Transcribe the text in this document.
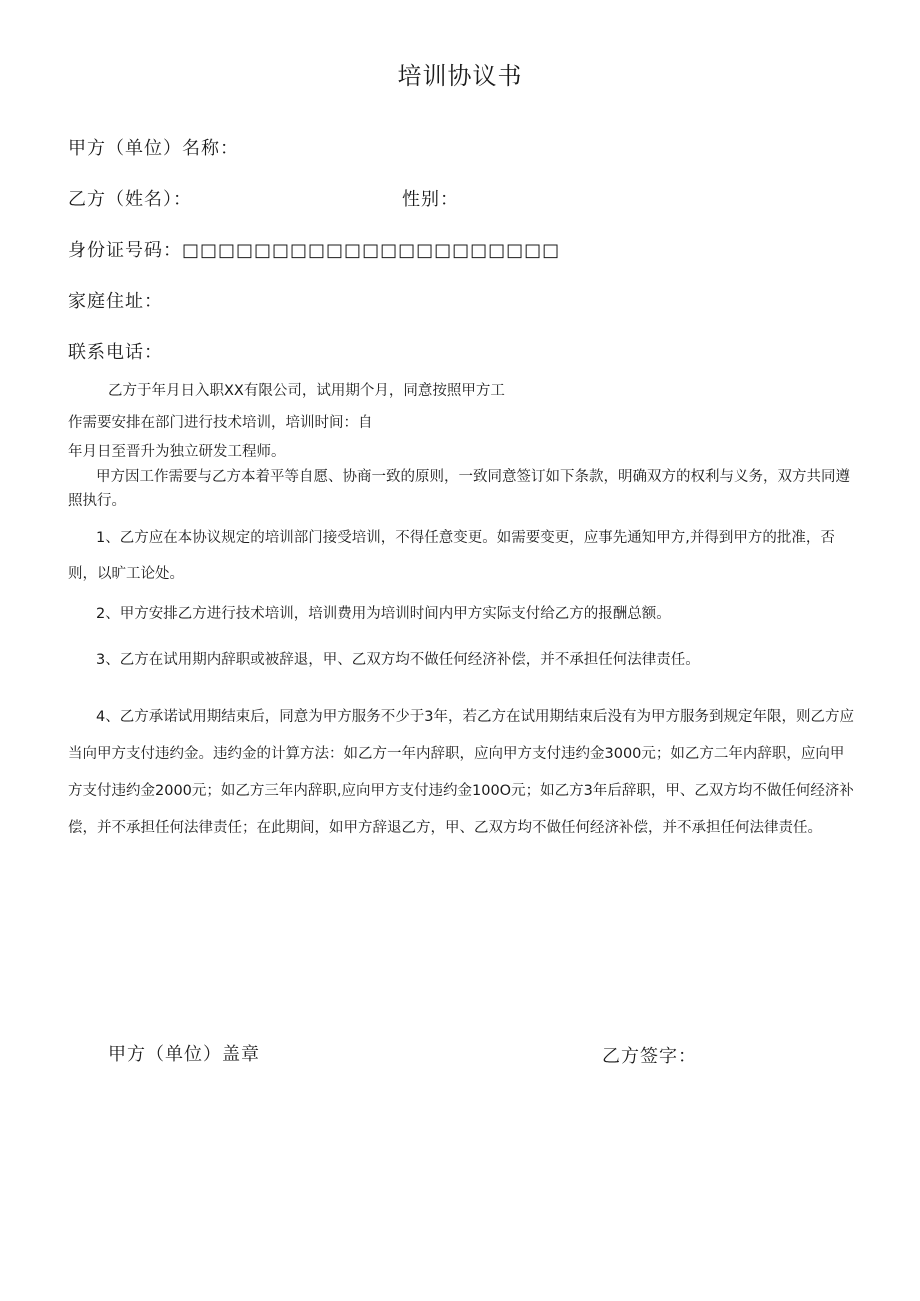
培训协议书
甲方（单位）名称：
乙方（姓名）：	性别：
身份证号码：□□□□□□□□□□□□□□□□□□□□□
家庭住址：
联系电话：
乙方于年月日入职XX有限公司，试用期个月，同意按照甲方工
作需要安排在部门进行技术培训，培训时间：自
年月日至晋升为独立研发工程师。
甲方因工作需要与乙方本着平等自愿、协商一致的原则，一致同意签订如下条款，明确双方的权利与义务，双方共同遵照执行。
1、乙方应在本协议规定的培训部门接受培训，不得任意变更。如需要变更，应事先通知甲方,并得到甲方的批准，否则，以旷工论处。
2、甲方安排乙方进行技术培训，培训费用为培训时间内甲方实际支付给乙方的报酬总额。
3、乙方在试用期内辞职或被辞退，甲、乙双方均不做任何经济补偿，并不承担任何法律责任。
4、乙方承诺试用期结束后，同意为甲方服务不少于3年，若乙方在试用期结束后没有为甲方服务到规定年限，则乙方应当向甲方支付违约金。违约金的计算方法：如乙方一年内辞职，应向甲方支付违约金3000元；如乙方二年内辞职，应向甲方支付违约金2000元；如乙方三年内辞职,应向甲方支付违约金100O元；如乙方3年后辞职，甲、乙双方均不做任何经济补偿，并不承担任何法律责任；在此期间，如甲方辞退乙方，甲、乙双方均不做任何经济补偿，并不承担任何法律责任。
甲方（单位）盖章	乙方签字：
